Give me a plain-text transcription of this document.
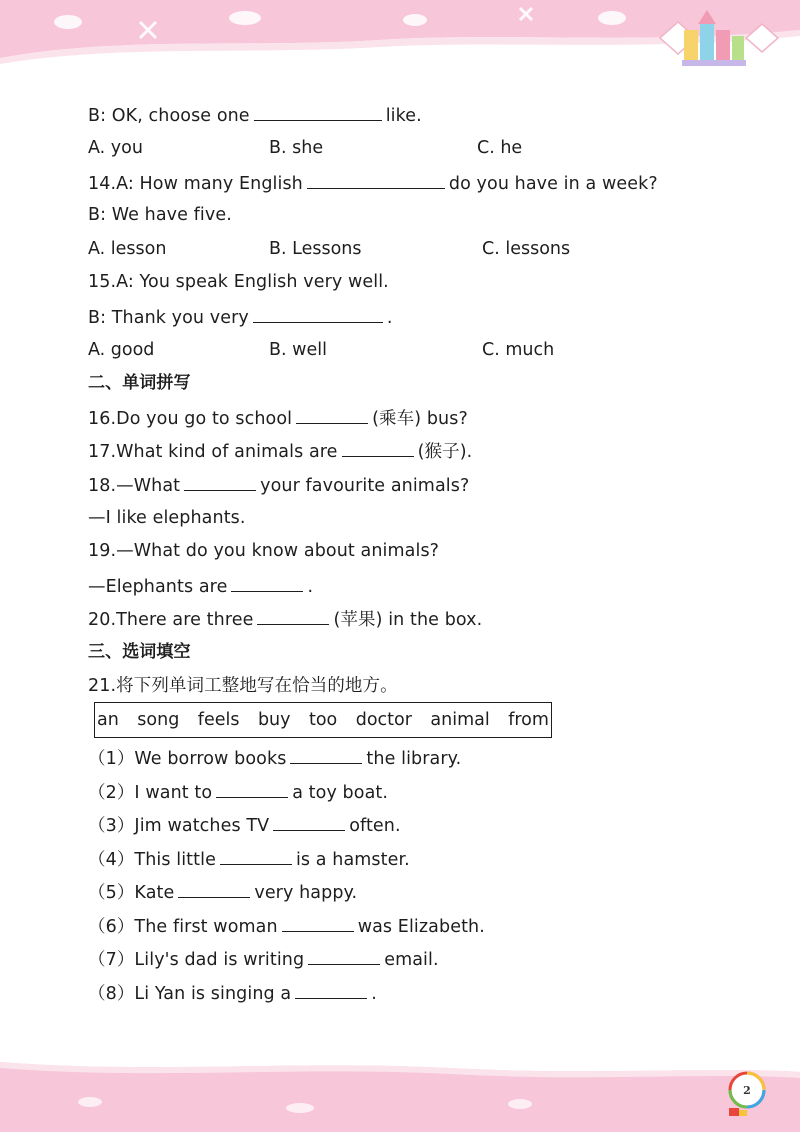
B: OK, choose one	like.
A. you	B. she	C. he
14.A: How many English	do you have in a week?
B: We have five.
A. lesson	B. Lessons	C. lessons
15.A: You speak English very well.
B: Thank you very	.
A. good	B. well	C. much
二、单词拼写
16.Do you go to school	(乘车) bus?
17.What kind of animals are	(猴子).
18.—What	your favourite animals?
—I like elephants.
19.—What do you know about animals?
—Elephants are	.
20.There are three	(苹果) in the box.
三、选词填空
21.将下列单词工整地写在恰当的地方。
an song feels buy too doctor animal from
（1）We borrow books	the library.
（2）I want to	a toy boat.
（3）Jim watches TV	often.
（4）This little	is a hamster.
（5）Kate	very happy.
（6）The first woman	was Elizabeth.
（7）Lily's dad is writing	email.
（8）Li Yan is singing a	.
2
